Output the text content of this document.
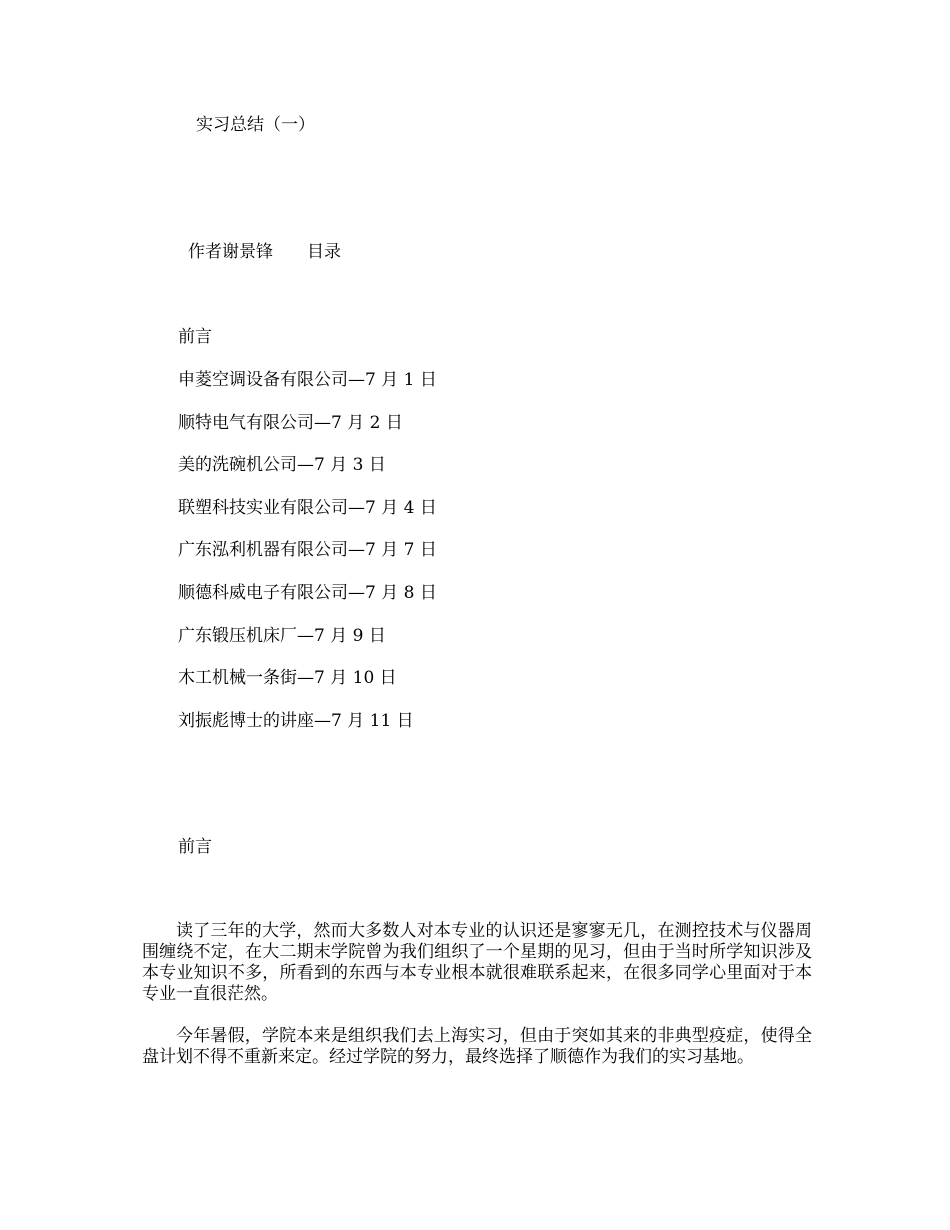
实习总结（一）
作者谢景锋 目录
前言
申菱空调设备有限公司—7 月 1 日
顺特电气有限公司—7 月 2 日
美的洗碗机公司—7 月 3 日
联塑科技实业有限公司—7 月 4 日
广东泓利机器有限公司—7 月 7 日
顺德科威电子有限公司—7 月 8 日
广东锻压机床厂—7 月 9 日
木工机械一条街—7 月 10 日
刘振彪博士的讲座—7 月 11 日
前言

读了三年的大学，然而大多数人对本专业的认识还是寥寥无几，在测控技术与仪器周围缠绕不定，在大二期末学院曾为我们组织了一个星期的见习，但由于当时所学知识涉及本专业知识不多，所看到的东西与本专业根本就很难联系起来，在很多同学心里面对于本专业一直很茫然。

今年暑假，学院本来是组织我们去上海实习，但由于突如其来的非典型疫症，使得全盘计划不得不重新来定。经过学院的努力，最终选择了顺德作为我们的实习基地。
